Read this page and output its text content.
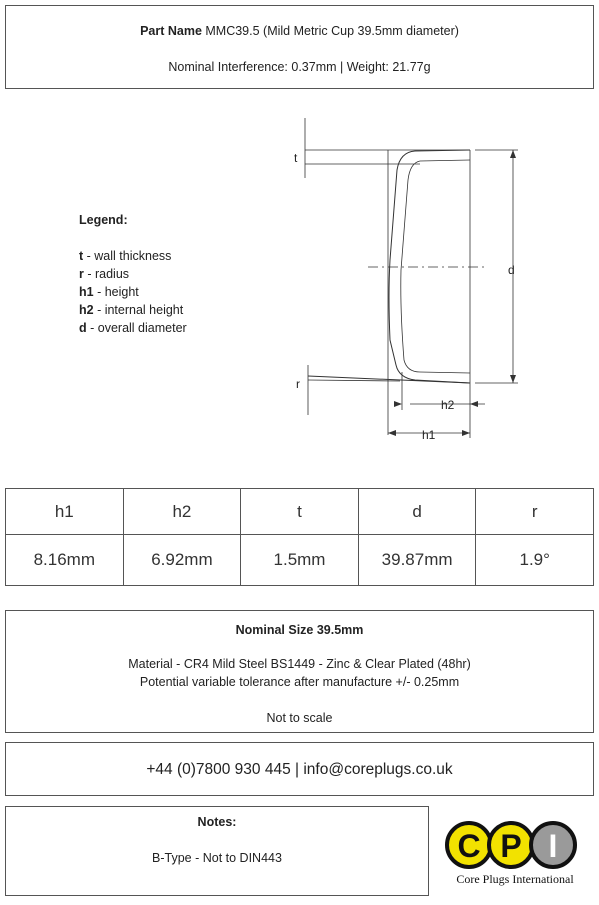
Part Name MMC39.5 (Mild Metric Cup 39.5mm diameter)
Nominal Interference: 0.37mm | Weight: 21.77g
t
r
d
h1
h2
Legend:
t - wall thickness
r - radius
h1 - height
h2 - internal height
d - overall diameter
h1	h2	t	d	r
8.16mm	6.92mm	1.5mm	39.87mm	1.9°
Nominal Size 39.5mm
Material - CR4 Mild Steel BS1449 - Zinc & Clear Plated (48hr)
Potential variable tolerance after manufacture +/- 0.25mm
Not to scale
+44 (0)7800 930 445 | info@coreplugs.co.uk
Notes:
B-Type - Not to DIN443	C P I
Core Plugs International
